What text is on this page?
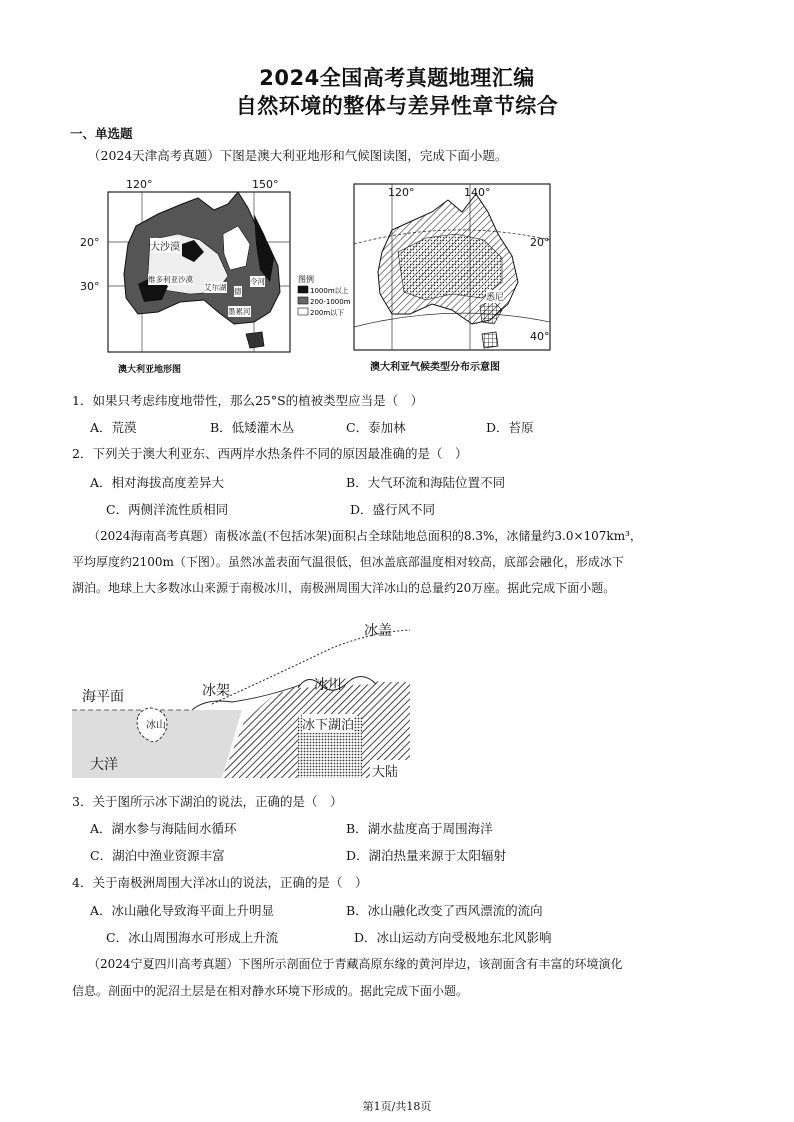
2024全国高考真题地理汇编
自然环境的整体与差异性章节综合
一、单选题
（2024天津高考真题）下图是澳大利亚地形和气候图读图，完成下面小题。
图例
1000m以上
200-1000m
200m以下
120°	150°
20°
30°
大沙漠
维多利亚沙漠
艾尔湖
墨累河
令河
德
澳大利亚地形图
120°	140°
20°
40°
悉尼
澳大利亚气候类型分布示意图
1．如果只考虑纬度地带性，那么25°S的植被类型应当是（　）
A．荒漠	B．低矮灌木丛	C．泰加林	D．苔原
2．下列关于澳大利亚东、西两岸水热条件不同的原因最准确的是（　）
A．相对海拔高度差异大	B．大气环流和海陆位置不同
C．两侧洋流性质相同	D．盛行风不同
（2024海南高考真题）南极冰盖(不包括冰架)面积占全球陆地总面积的8.3%，冰储量约3.0×107km³，
平均厚度约2100m（下图）。虽然冰盖表面气温很低，但冰盖底部温度相对较高，底部会融化，形成冰下
湖泊。地球上大多数冰山来源于南极冰川，南极洲周围大洋冰山的总量约20万座。据此完成下面小题。
冰盖
海平面	冰架	冰川
冰山	冰下湖泊
大洋	大陆
3．关于图所示冰下湖泊的说法，正确的是（　）
A．湖水参与海陆间水循环	B．湖水盐度高于周围海洋
C．湖泊中渔业资源丰富	D．湖泊热量来源于太阳辐射
4．关于南极洲周围大洋冰山的说法，正确的是（　）
A．冰山融化导致海平面上升明显	B．冰山融化改变了西风漂流的流向
C．冰山周围海水可形成上升流	D．冰山运动方向受极地东北风影响
（2024宁夏四川高考真题）下图所示剖面位于青藏高原东缘的黄河岸边，该剖面含有丰富的环境演化
信息。剖面中的泥沼土层是在相对静水环境下形成的。据此完成下面小题。
第1页/共18页
